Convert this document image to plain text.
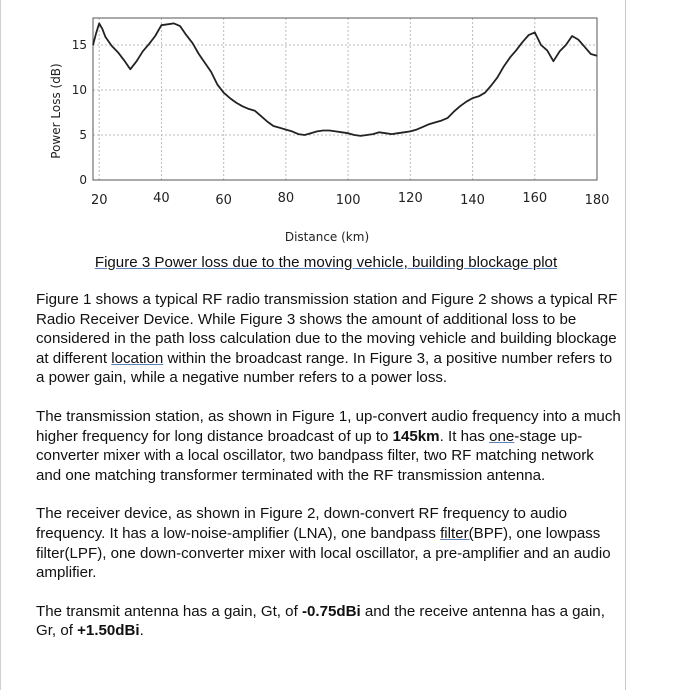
20	40	60	80	100	120	140	160	180
0
5
10
15
Distance (km)
Power Loss (dB)
Figure 3 Power loss due to the moving vehicle, building blockage plot

Figure 1 shows a typical RF radio transmission station and Figure 2 shows a typical RF Radio Receiver Device. While Figure 3 shows the amount of additional loss to be considered in the path loss calculation due to the moving vehicle and building blockage at different location within the broadcast range. In Figure 3, a positive number refers to a power gain, while a negative number refers to a power loss.

The transmission station, as shown in Figure 1, up-convert audio frequency into a much higher frequency for long distance broadcast of up to 145km. It has one-stage up-converter mixer with a local oscillator, two bandpass filter, two RF matching network and one matching transformer terminated with the RF transmission antenna.

The receiver device, as shown in Figure 2, down-convert RF frequency to audio frequency. It has a low-noise-amplifier (LNA), one bandpass filter(BPF), one lowpass filter(LPF), one down-converter mixer with local oscillator, a pre-amplifier and an audio amplifier.

The transmit antenna has a gain, Gt, of -0.75dBi and the receive antenna has a gain, Gr, of +1.50dBi.
